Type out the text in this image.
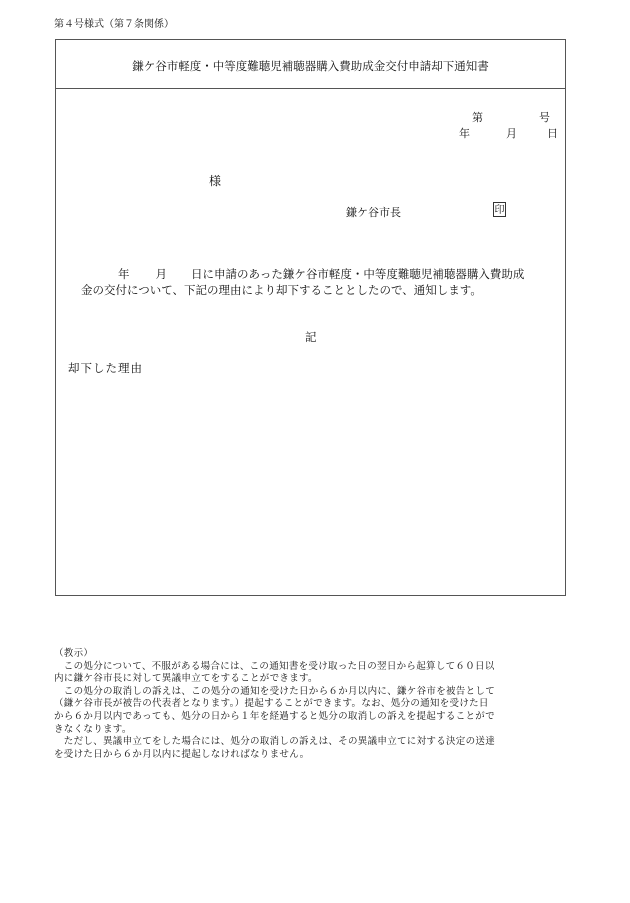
第４号様式（第７条関係）
鎌ケ谷市軽度・中等度難聴児補聴器購入費助成金交付申請却下通知書
第	号
年	月	日
様
鎌ケ谷市長	印
年 月 日に申請のあった鎌ケ谷市軽度・中等度難聴児補聴器購入費助成
金の交付について、下記の理由により却下することとしたので、通知します。
記
却下した理由

（教示）

　この処分について、不服がある場合には、この通知書を受け取った日の翌日から起算して６０日以

内に鎌ケ谷市長に対して異議申立てをすることができます。

　この処分の取消しの訴えは、この処分の通知を受けた日から６か月以内に、鎌ケ谷市を被告として

（鎌ケ谷市長が被告の代表者となります。）提起することができます。なお、処分の通知を受けた日

から６か月以内であっても、処分の日から１年を経過すると処分の取消しの訴えを提起することがで

きなくなります。

　ただし、異議申立てをした場合には、処分の取消しの訴えは、その異議申立てに対する決定の送達

を受けた日から６か月以内に提起しなければなりません。
